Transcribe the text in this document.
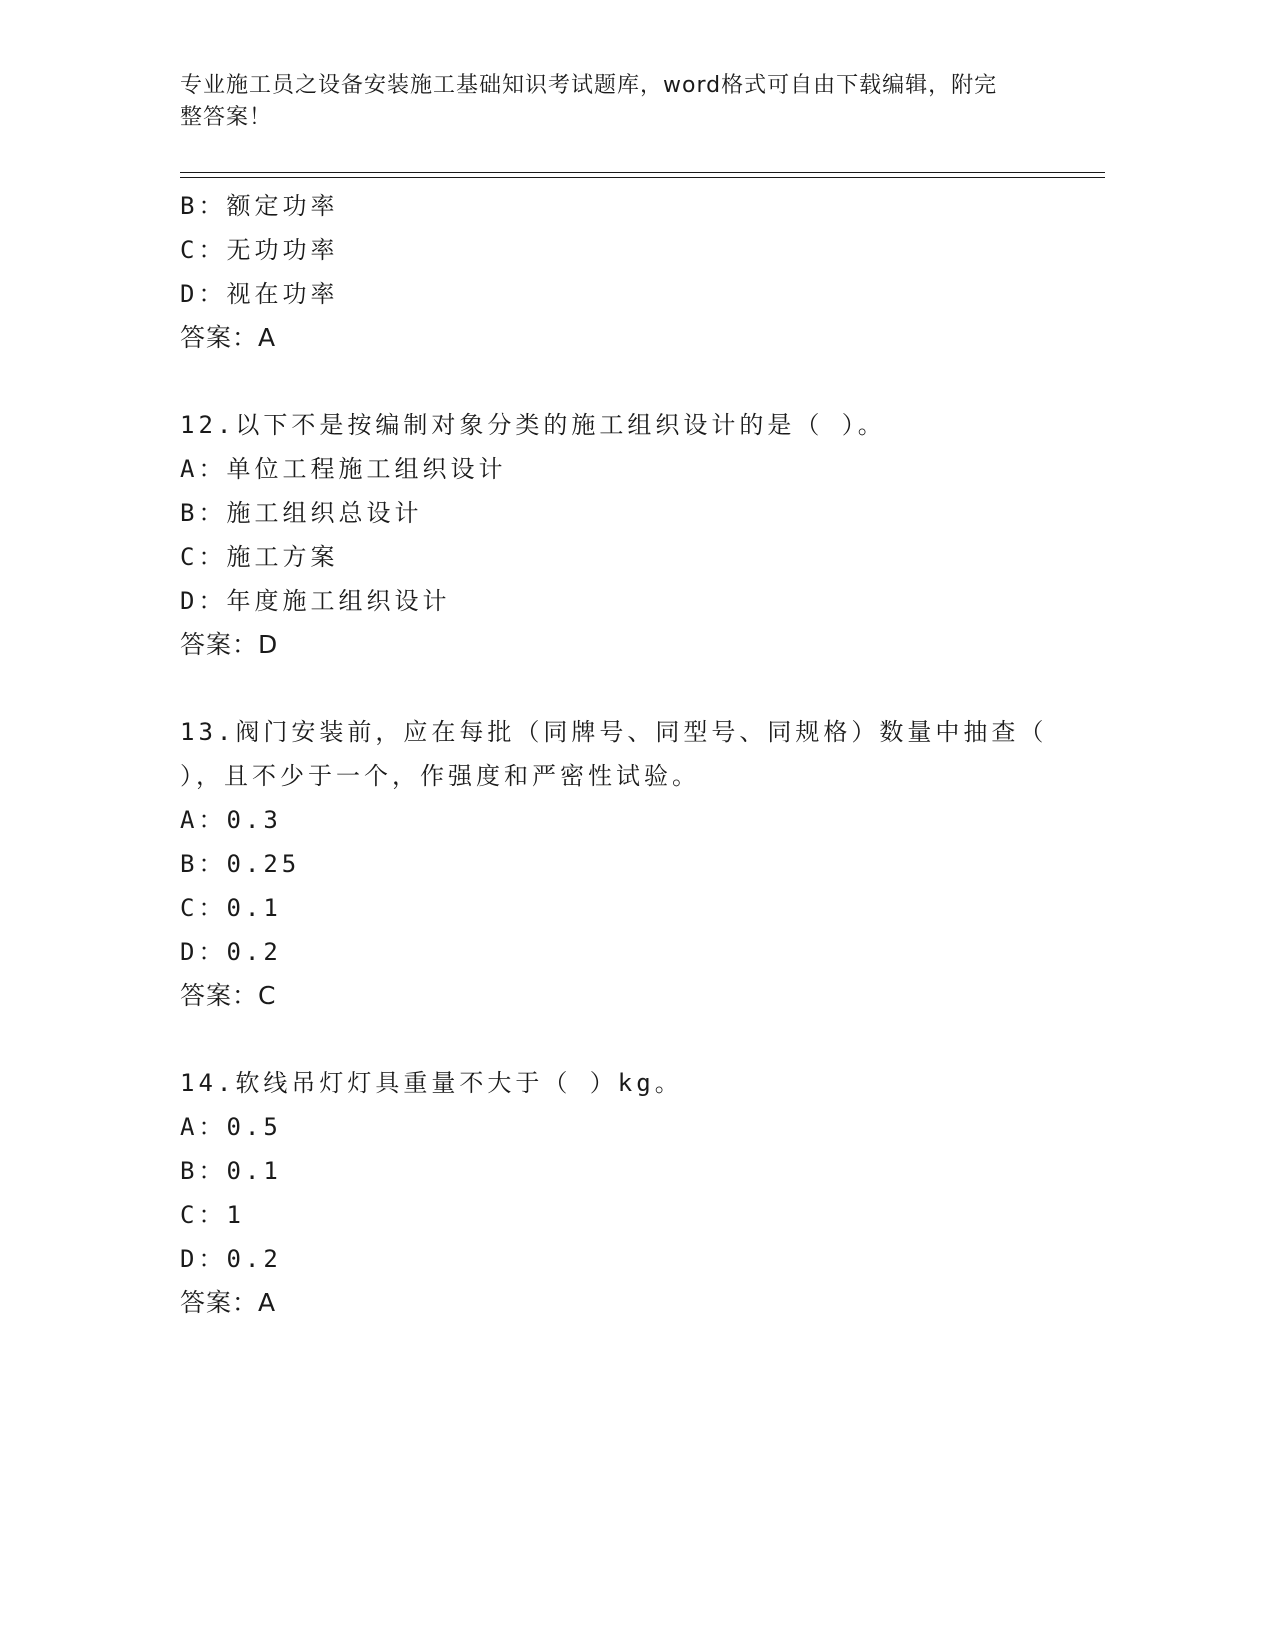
专业施工员之设备安装施工基础知识考试题库，word格式可自由下载编辑，附完
整答案！
B：额定功率
C：无功功率
D：视在功率
答案：A
12.以下不是按编制对象分类的施工组织设计的是（ ）。
A：单位工程施工组织设计
B：施工组织总设计
C：施工方案
D：年度施工组织设计
答案：D
13.阀门安装前，应在每批（同牌号、同型号、同规格）数量中抽查（
），且不少于一个，作强度和严密性试验。
A：0.3
B：0.25
C：0.1
D：0.2
答案：C
14.软线吊灯灯具重量不大于（ ）kg。
A：0.5
B：0.1
C：1
D：0.2
答案：A
